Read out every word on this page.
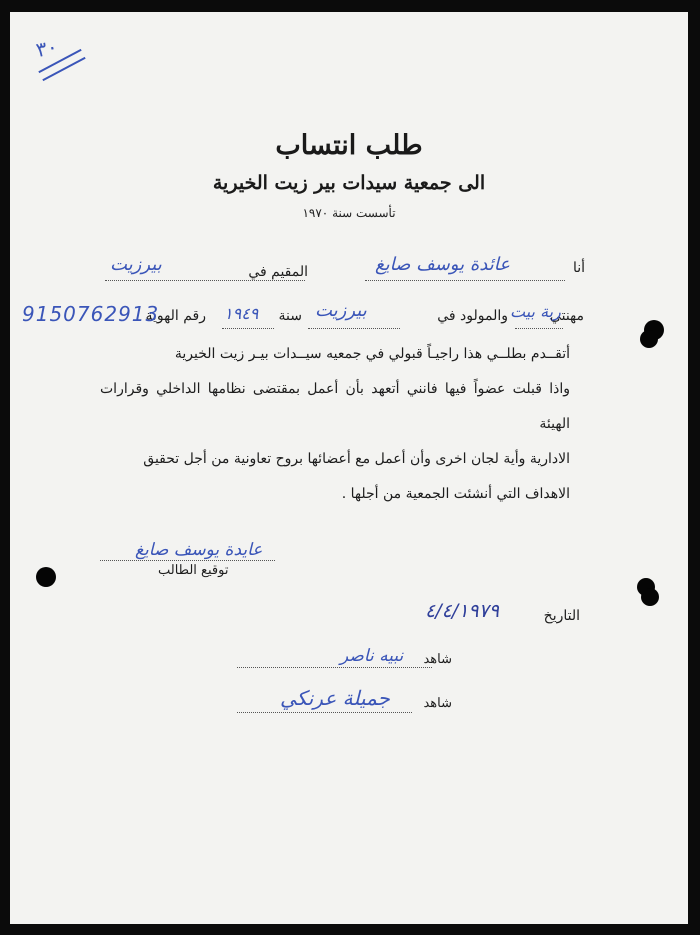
٣٠
طلب انتساب
الى جمعية سيدات بير زيت الخيرية
تأسست سنة ١٩٧٠
أنا
عائدة يوسف صايغ
المقيم في
بيرزيت
مهنتي
ربة بيت
والمولود في
بيرزيت
سنة
١٩٤٩
رقم الهوية
9150762913
أتقــدم بطلــي هذا راجيـاً قبولي في جمعيه سيــدات بيـر زيت الخيرية
واذا قبلت عضواً فيها فانني أتعهد بأن أعمل بمقتضى نظامها الداخلي وقرارات الهيئة
الادارية وأية لجان اخرى وأن أعمل مع أعضائها بروح تعاونية من أجل تحقيق
الاهداف التي أنشئت الجمعية من أجلها .
عايدة يوسف صايغ
توقيع الطالب
التاريخ
٤/٤/١٩٧٩
شاهد
نبيه ناصر
شاهد
جميلة عرنكي
